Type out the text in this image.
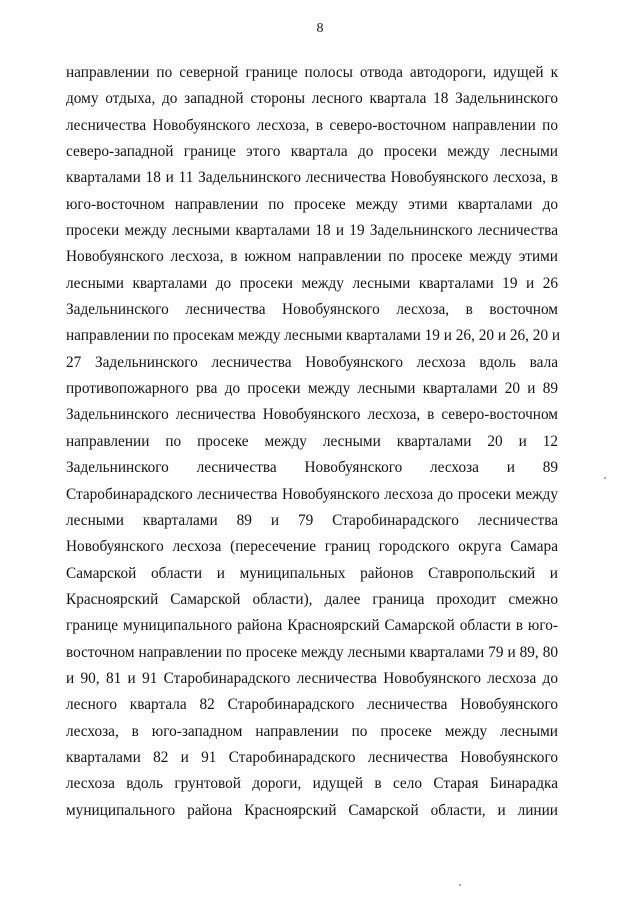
8
направлении по северной границе полосы отвода автодороги, идущей к
дому отдыха, до западной стороны лесного квартала 18 Задельнинского
лесничества Новобуянского лесхоза, в северо-восточном направлении по
северо-западной границе этого квартала до просеки между лесными
кварталами 18 и 11 Задельнинского лесничества Новобуянского лесхоза, в
юго-восточном направлении по просеке между этими кварталами до
просеки между лесными кварталами 18 и 19 Задельнинского лесничества
Новобуянского лесхоза, в южном направлении по просеке между этими
лесными кварталами до просеки между лесными кварталами 19 и 26
Задельнинского лесничества Новобуянского лесхоза, в восточном
направлении по просекам между лесными кварталами 19 и 26, 20 и 26, 20 и
27 Задельнинского лесничества Новобуянского лесхоза вдоль вала
противопожарного рва до просеки между лесными кварталами 20 и 89
Задельнинского лесничества Новобуянского лесхоза, в северо-восточном
направлении по просеке между лесными кварталами 20 и 12
Задельнинского лесничества Новобуянского лесхоза и 89
Старобинарадского лесничества Новобуянского лесхоза до просеки между
лесными кварталами 89 и 79 Старобинарадского лесничества
Новобуянского лесхоза (пересечение границ городского округа Самара
Самарской области и муниципальных районов Ставропольский и
Красноярский Самарской области), далее граница проходит смежно
границе муниципального района Красноярский Самарской области в юго-
восточном направлении по просеке между лесными кварталами 79 и 89, 80
и 90, 81 и 91 Старобинарадского лесничества Новобуянского лесхоза до
лесного квартала 82 Старобинарадского лесничества Новобуянского
лесхоза, в юго-западном направлении по просеке между лесными
кварталами 82 и 91 Старобинарадского лесничества Новобуянского
лесхоза вдоль грунтовой дороги, идущей в село Старая Бинарадка
муниципального района Красноярский Самарской области, и линии
